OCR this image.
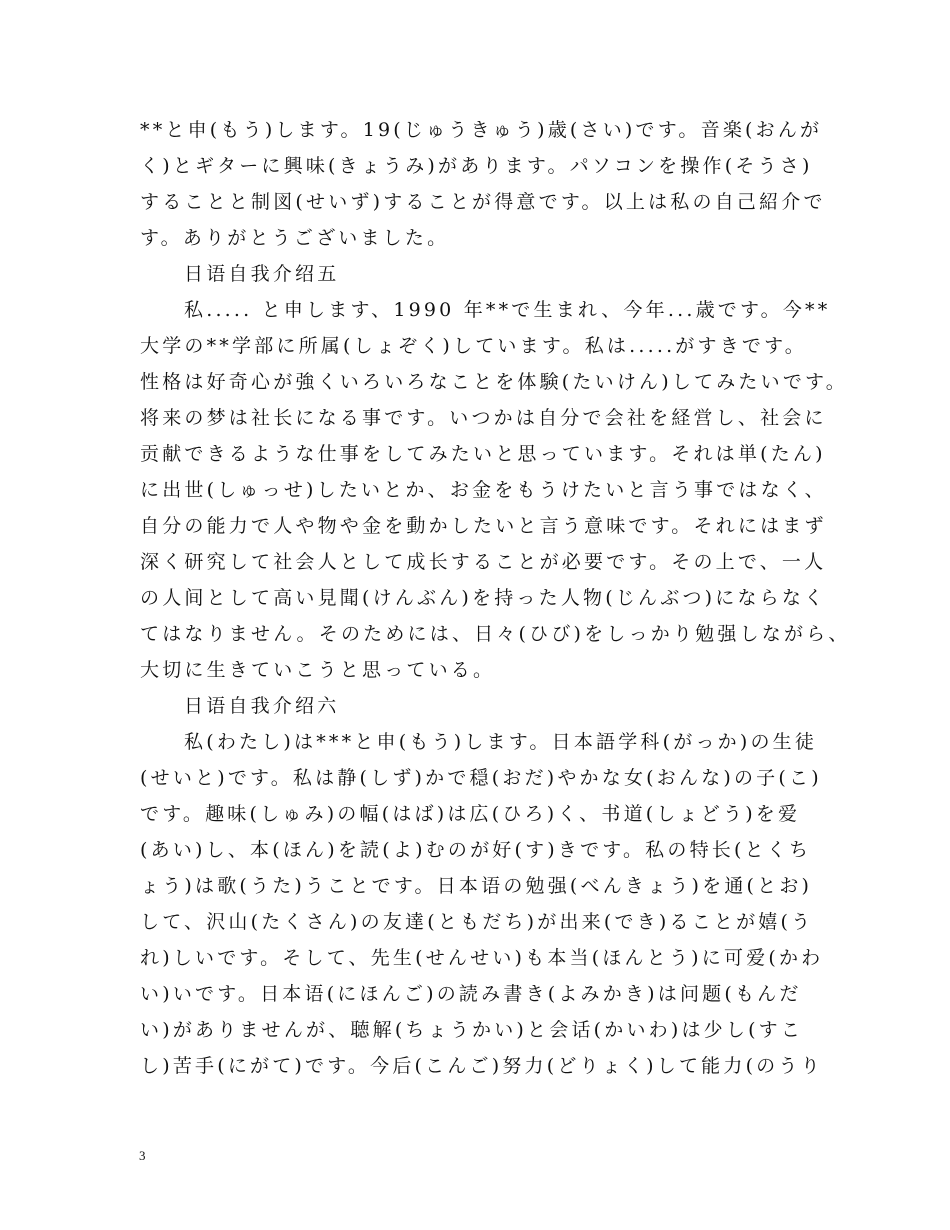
**と申(もう)します。19(じゅうきゅう)歳(さい)です。音楽(おんが
く)とギターに興味(きょうみ)があります。パソコンを操作(そうさ)
することと制図(せいず)することが得意です。以上は私の自己紹介で
す。ありがとうございました。
日语自我介绍五
私..... と申します、1990 年**で生まれ、今年...歳です。今**
大学の**学部に所属(しょぞく)しています。私は.....がすきです。
性格は好奇心が強くいろいろなことを体験(たいけん)してみたいです。
将来の梦は社长になる事です。いつかは自分で会社を経営し、社会に
贡献できるような仕事をしてみたいと思っています。それは単(たん)
に出世(しゅっせ)したいとか、お金をもうけたいと言う事ではなく、
自分の能力で人や物や金を動かしたいと言う意味です。それにはまず
深く研究して社会人として成长することが必要です。その上で、一人
の人间として高い見聞(けんぶん)を持った人物(じんぶつ)にならなく
てはなりません。そのためには、日々(ひび)をしっかり勉强しながら、
大切に生きていこうと思っている。
日语自我介绍六
私(わたし)は***と申(もう)します。日本語学科(がっか)の生徒
(せいと)です。私は静(しず)かで穏(おだ)やかな女(おんな)の子(こ)
です。趣味(しゅみ)の幅(はば)は広(ひろ)く、书道(しょどう)を爱
(あい)し、本(ほん)を読(よ)むのが好(す)きです。私の特长(とくち
ょう)は歌(うた)うことです。日本语の勉强(べんきょう)を通(とお)
して、沢山(たくさん)の友達(ともだち)が出来(でき)ることが嬉(う
れ)しいです。そして、先生(せんせい)も本当(ほんとう)に可爱(かわ
い)いです。日本语(にほんご)の読み書き(よみかき)は问题(もんだ
い)がありませんが、聴解(ちょうかい)と会话(かいわ)は少し(すこ
し)苦手(にがて)です。今后(こんご)努力(どりょく)して能力(のうり
3
